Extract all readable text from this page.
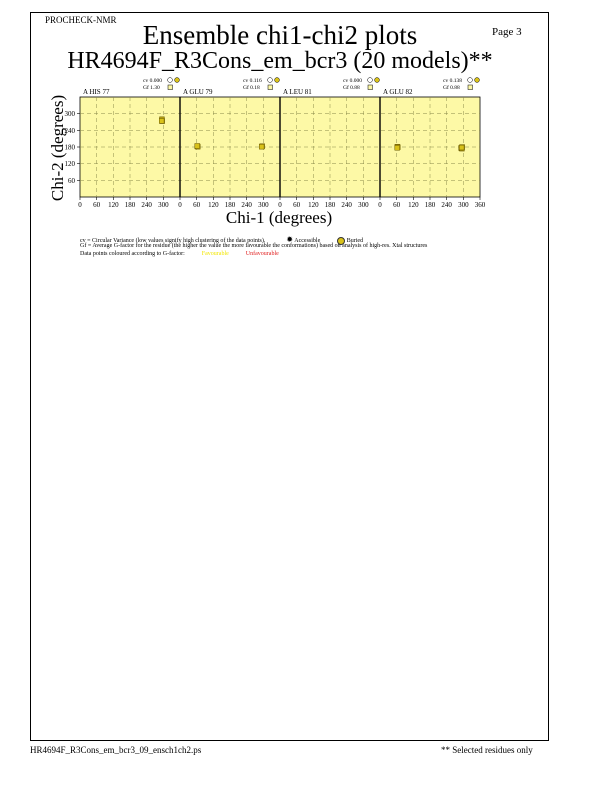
PROCHECK-NMR
Page 3
Ensemble chi1-chi2 plots
HR4694F_R3Cons_em_bcr3 (20 models)**
Chi-2 (degrees)
Chi-1 (degrees)
60
120
180
240
300
0 60 120 180 240 300 0 60 120 180 240 300 0 60 120 180 240 300 0 60 120 180 240 300 360
A HIS 77	A GLU 79	A LEU 81	A GLU 82
cv 0.000
Gf 1.30
cv 0.116
Gf 0.18
cv 0.000
Gf 0.88
cv 0.138
Gf 0.88
cv = Circular Variance (low values signify high clustering of the data points).	✹ Accessible	Buried
Gf = Average G-factor for the residue (the higher the value the more favourable the conformations) based on analysis of high-res. Xtal structures
Data points coloured according to G-factor:	Favourable	Unfavourable
HR4694F_R3Cons_em_bcr3_09_ensch1ch2.ps	** Selected residues only
